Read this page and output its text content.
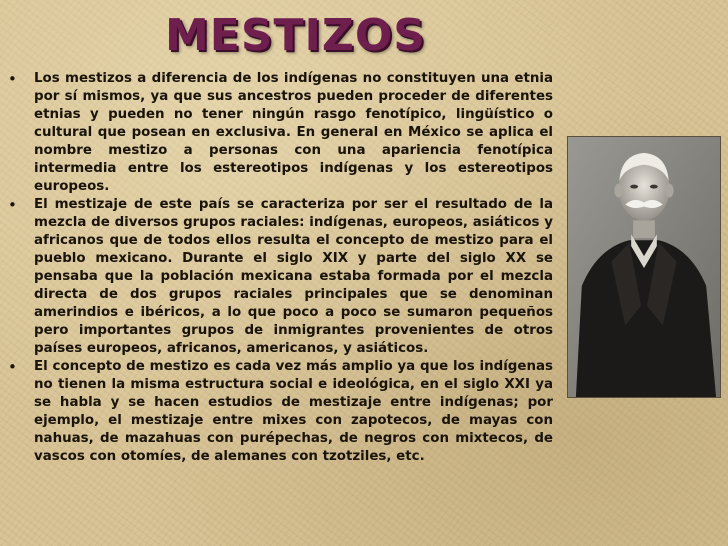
MESTIZOS
• Los mestizos a diferencia de los indígenas no constituyen una etnia por sí mismos, ya que sus ancestros pueden proceder de diferentes etnias y pueden no tener ningún rasgo fenotípico, lingüístico o cultural que posean en exclusiva. En general en México se aplica el nombre mestizo a personas con una apariencia fenotípica intermedia entre los estereotipos indígenas y los estereotipos europeos.

• El mestizaje de este país se caracteriza por ser el resultado de la mezcla de diversos grupos raciales: indígenas, europeos, asiáticos y africanos que de todos ellos resulta el concepto de mestizo para el pueblo mexicano. Durante el siglo XIX y parte del siglo XX se pensaba que la población mexicana estaba formada por el mezcla directa de dos grupos raciales principales que se denominan amerindios e ibéricos, a lo que poco a poco se sumaron pequeños pero importantes grupos de inmigrantes provenientes de otros países europeos, africanos, americanos, y asiáticos.

• El concepto de mestizo es cada vez más amplio ya que los indígenas no tienen la misma estructura social e ideológica, en el siglo XXI ya se habla y se hacen estudios de mestizaje entre indígenas; por ejemplo, el mestizaje entre mixes con zapotecos, de mayas con nahuas, de mazahuas con purépechas, de negros con mixtecos, de vascos con otomíes, de alemanes con tzotziles, etc.
